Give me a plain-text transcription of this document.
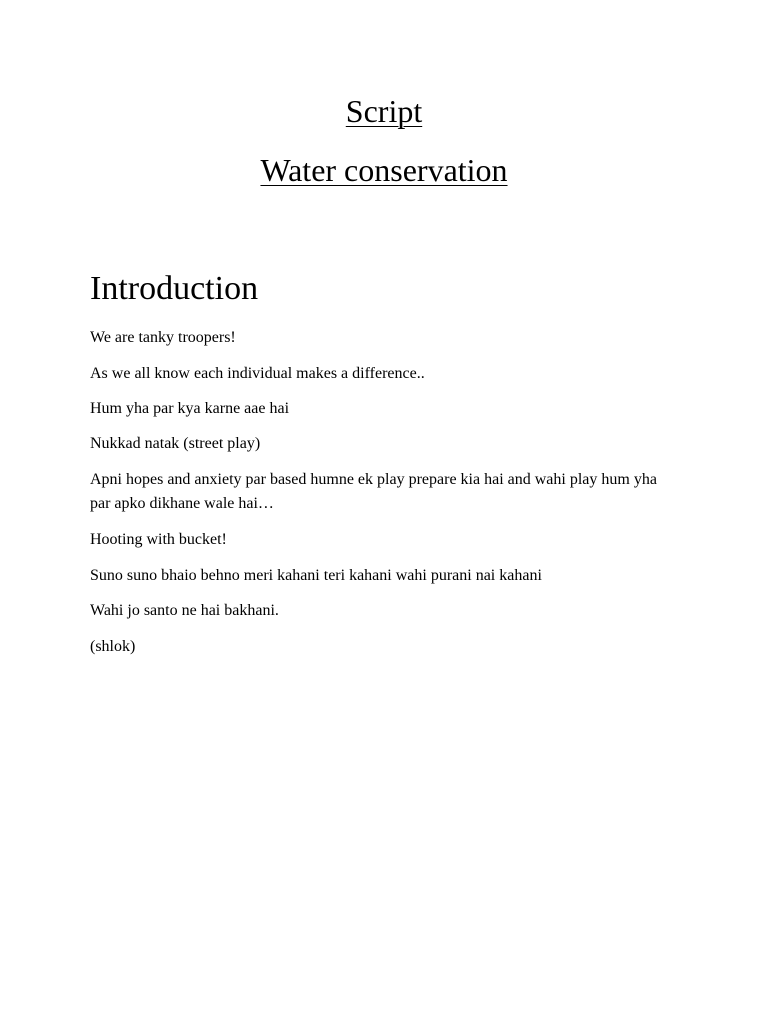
Script
Water conservation
Introduction

We are tanky troopers!

As we all know each individual makes a difference..

Hum yha par kya karne aae hai

Nukkad natak (street play)

Apni hopes and anxiety par based humne ek play prepare kia hai and wahi play hum yha par apko dikhane wale hai…

Hooting with bucket!

Suno suno bhaio behno meri kahani teri kahani wahi purani nai kahani

Wahi jo santo ne hai bakhani.

(shlok)
